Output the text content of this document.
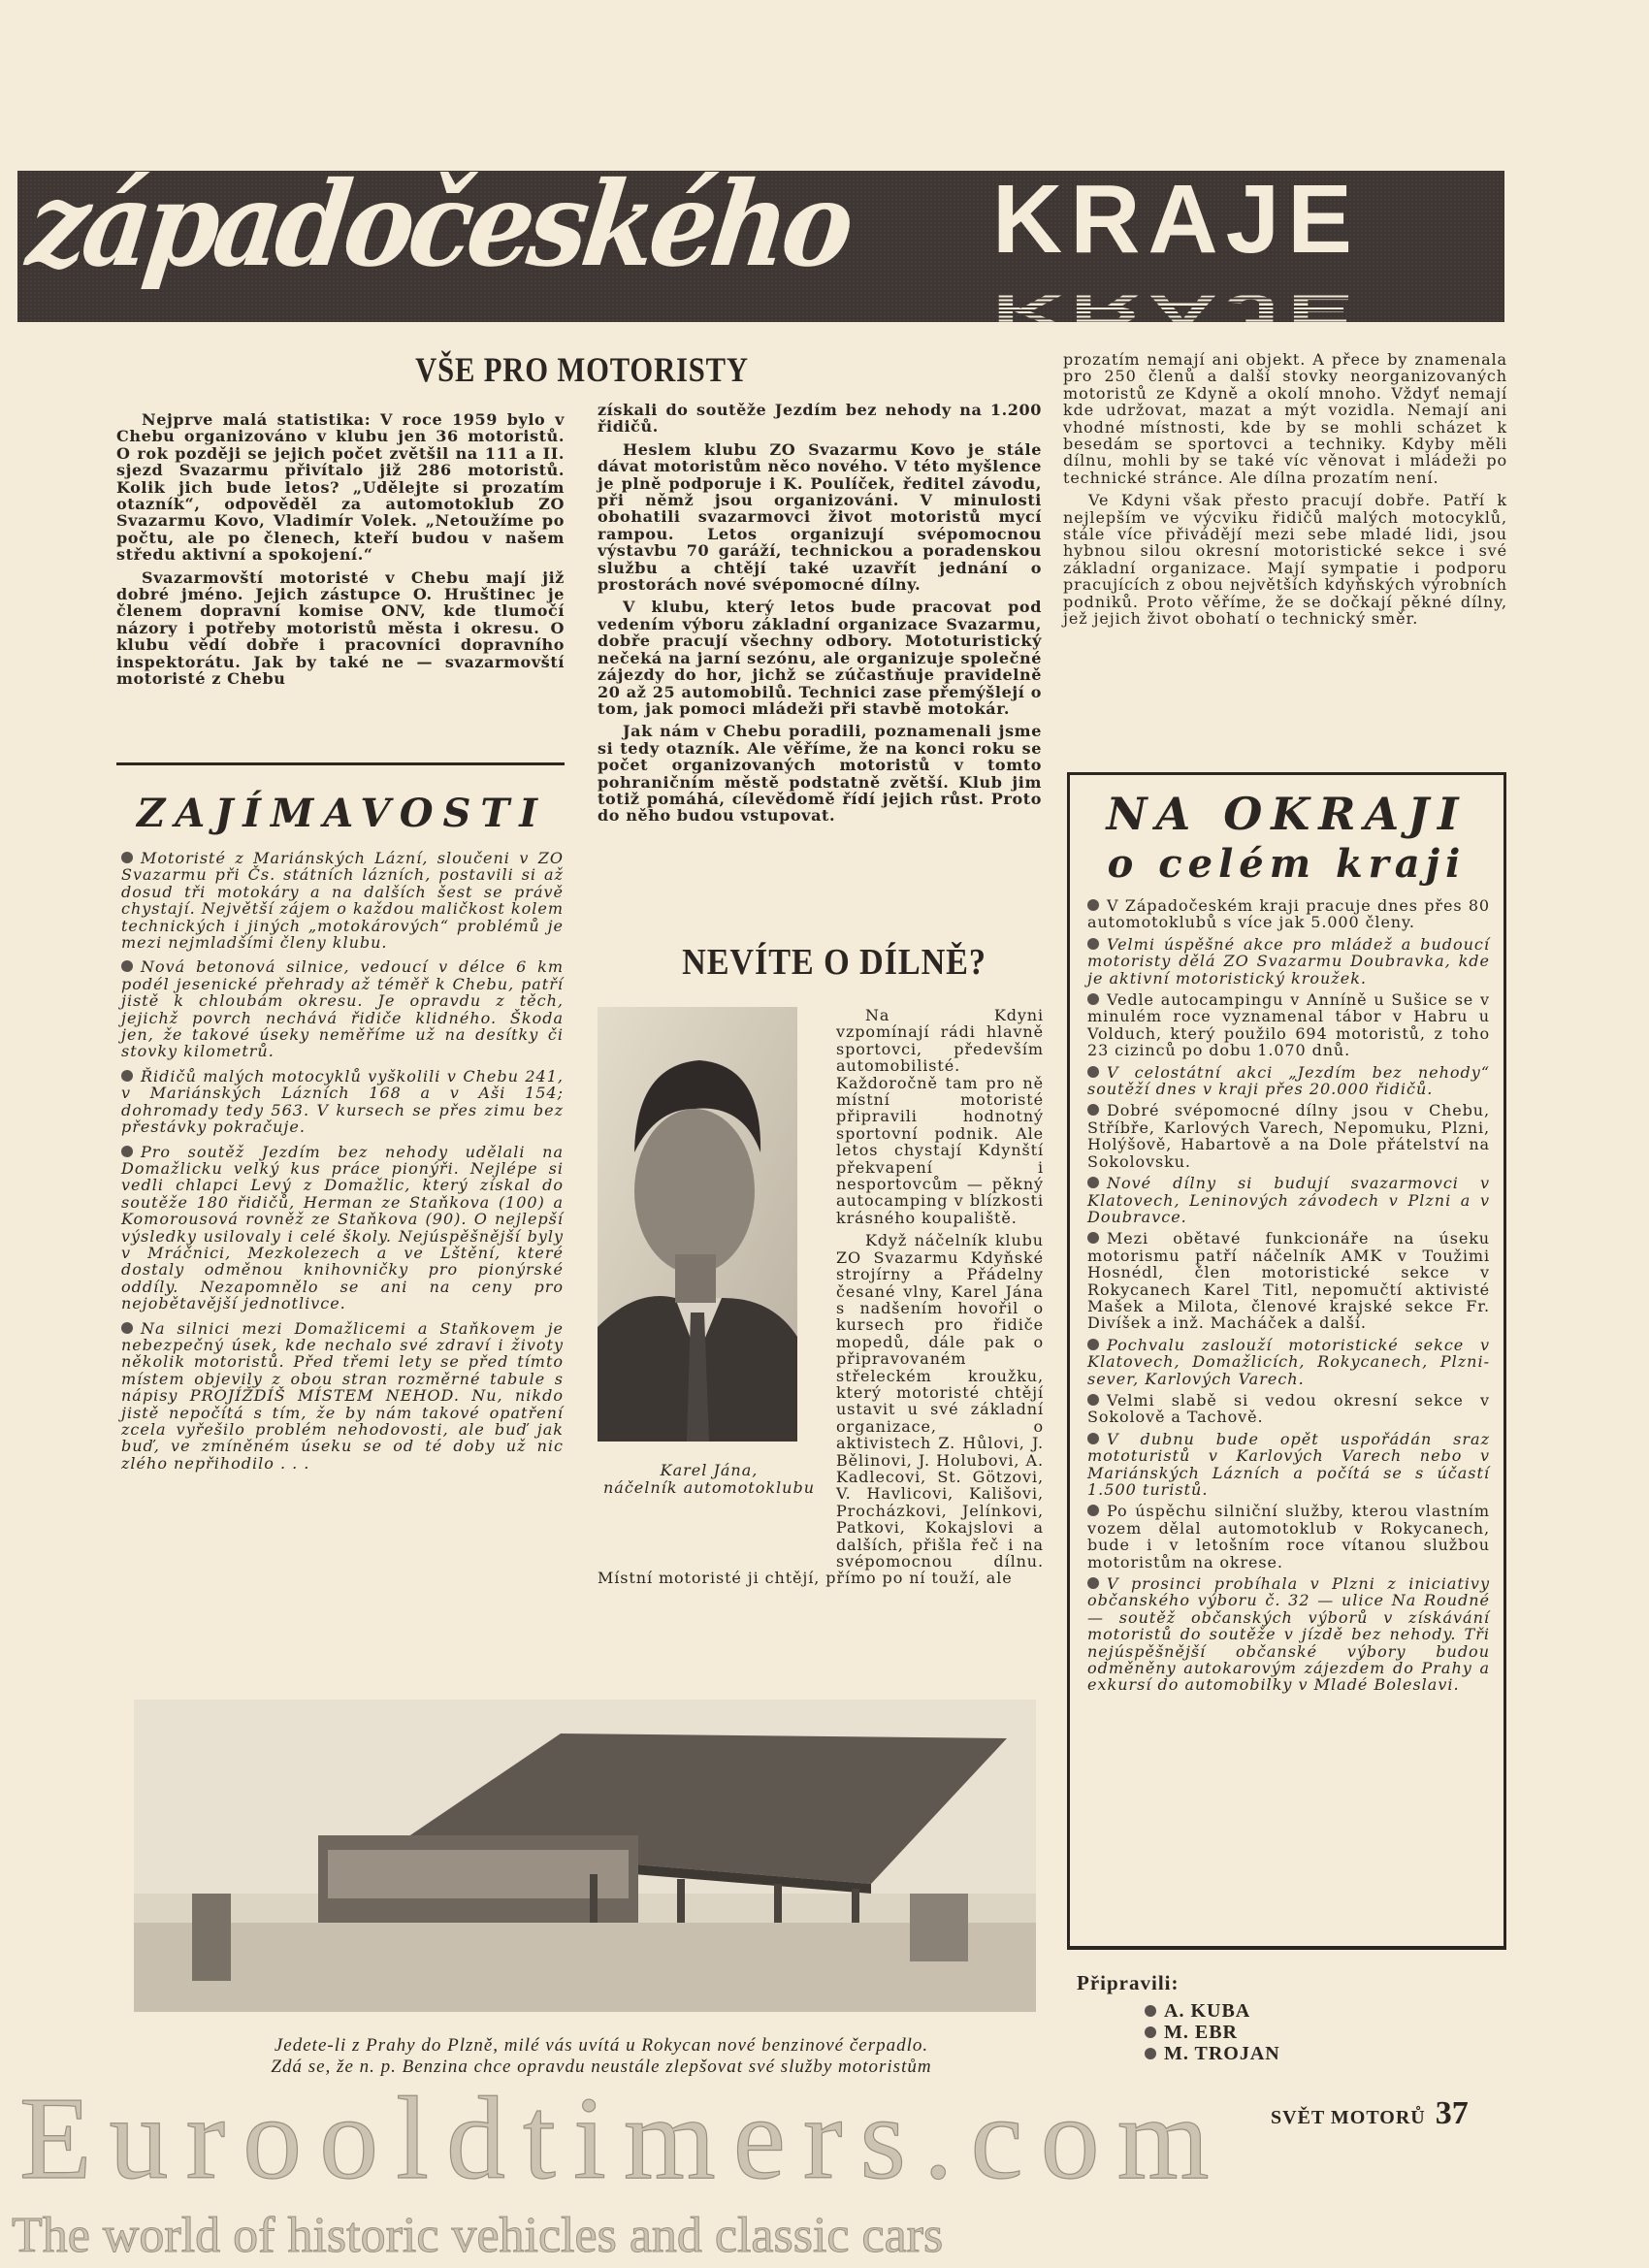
západočeského KRAJE
KRAJE
VŠE PRO MOTORISTY

Nejprve malá statistika: V roce 1959 bylo v Chebu organizováno v klubu jen 36 motoristů. O rok později se jejich počet zvětšil na 111 a II. sjezd Svazarmu přivítalo již 286 motoristů. Kolik jich bude letos? „Udělejte si prozatím otazník“, odpověděl za automotoklub ZO Svazarmu Kovo, Vladimír Volek. „Netoužíme po počtu, ale po členech, kteří budou v našem středu aktivní a spokojení.“

Svazarmovští motoristé v Chebu mají již dobré jméno. Jejich zástupce O. Hruštinec je členem dopravní komise ONV, kde tlumočí názory i potřeby motoristů města i okresu. O klubu vědí dobře i pracovníci dopravního inspektorátu. Jak by také ne — svazarmovští motoristé z Chebu

získali do soutěže Jezdím bez nehody na 1.200 řidičů.

Heslem klubu ZO Svazarmu Kovo je stále dávat motoristům něco nového. V této myšlence je plně podporuje i K. Poulíček, ředitel závodu, při němž jsou organizováni. V minulosti obohatili svazarmovci život motoristů mycí rampou. Letos organizují svépomocnou výstavbu 70 garáží, technickou a poradenskou službu a chtějí také uzavřít jednání o prostorách nové svépomocné dílny.

V klubu, který letos bude pracovat pod vedením výboru základní organizace Svazarmu, dobře pracují všechny odbory. Mototuristický nečeká na jarní sezónu, ale organizuje společné zájezdy do hor, jichž se zúčastňuje pravidelně 20 až 25 automobilů. Technici zase přemýšlejí o tom, jak pomoci mládeži při stavbě motokár.

Jak nám v Chebu poradili, poznamenali jsme si tedy otazník. Ale věříme, že na konci roku se počet organizovaných motoristů v tomto pohraničním městě podstatně zvětší. Klub jim totiž pomáhá, cílevědomě řídí jejich růst. Proto do něho budou vstupovat.

prozatím nemají ani objekt. A přece by znamenala pro 250 členů a další stovky neorganizovaných motoristů ze Kdyně a okolí mnoho. Vždyť nemají kde udržovat, mazat a mýt vozidla. Nemají ani vhodné místnosti, kde by se mohli scházet k besedám se sportovci a techniky. Kdyby měli dílnu, mohli by se také víc věnovat i mládeži po technické stránce. Ale dílna prozatím není.

Ve Kdyni však přesto pracují dobře. Patří k nejlepším ve výcviku řidičů malých motocyklů, stále více přivádějí mezi sebe mladé lidi, jsou hybnou silou okresní motoristické sekce i své základní organizace. Mají sympatie i podporu pracujících z obou největších kdyňských výrobních podniků. Proto věříme, že se dočkají pěkné dílny, jež jejich život obohatí o technický směr.

ZAJÍMAVOSTI

Motoristé z Mariánských Lázní, sloučeni v ZO Svazarmu při Čs. státních lázních, postavili si až dosud tři motokáry a na dalších šest se právě chystají. Největší zájem o každou maličkost kolem technických i jiných „motokárových“ problémů je mezi nejmladšími členy klubu.

Nová betonová silnice, vedoucí v délce 6 km podél jesenické přehrady až téměř k Chebu, patří jistě k chloubám okresu. Je opravdu z těch, jejichž povrch nechává řidiče klidného. Škoda jen, že takové úseky neměříme už na desítky či stovky kilometrů.

Řidičů malých motocyklů vyškolili v Chebu 241, v Mariánských Lázních 168 a v Aši 154; dohromady tedy 563. V kursech se přes zimu bez přestávky pokračuje.

Pro soutěž Jezdím bez nehody udělali na Domažlicku velký kus práce pionýři. Nejlépe si vedli chlapci Levý z Domažlic, který získal do soutěže 180 řidičů, Herman ze Staňkova (100) a Komorousová rovněž ze Staňkova (90). O nejlepší výsledky usilovaly i celé školy. Nejúspěšnější byly v Mráčnici, Mezkolezech a ve Lštění, které dostaly odměnou knihovničky pro pionýrské oddíly. Nezapomnělo se ani na ceny pro nejobětavější jednotlivce.

Na silnici mezi Domažlicemi a Staňkovem je nebezpečný úsek, kde nechalo své zdraví i životy několik motoristů. Před třemi lety se před tímto místem objevily z obou stran rozměrné tabule s nápisy PROJÍŽDÍŠ MÍSTEM NEHOD. Nu, nikdo jistě nepočítá s tím, že by nám takové opatření zcela vyřešilo problém nehodovosti, ale buď jak buď, ve zmíněném úseku se od té doby už nic zlého nepřihodilo . . .

NEVÍTE O DÍLNĚ?
Karel Jána,
náčelník automotoklubu

Na Kdyni vzpomínají rádi hlavně sportovci, především automobilisté. Každoročně tam pro ně místní motoristé připravili hodnotný sportovní podnik. Ale letos chystají Kdynští překvapení i nesportovcům — pěkný autocamping v blízkosti krásného koupaliště.

Když náčelník klubu ZO Svazarmu Kdyňské strojírny a Přádelny česané vlny, Karel Jána s nadšením hovořil o kursech pro řidiče mopedů, dále pak o připravovaném střeleckém kroužku, který motoristé chtějí ustavit u své základní organizace, o aktivistech Z. Hůlovi, J. Bělinovi, J. Holubovi, A. Kadlecovi, St. Götzovi, V. Havlicovi, Kališovi, Procházkovi, Jelínkovi, Patkovi, Kokajslovi a dalších, přišla řeč i na svépomocnou dílnu. Místní motoristé ji chtějí, přímo po ní touží, ale

Jedete-li z Prahy do Plzně, milé vás uvítá u Rokycan nové benzinové čerpadlo.
Zdá se, že n. p. Benzina chce opravdu neustále zlepšovat své služby motoristům
NA OKRAJI
o celém kraji

V Západočeském kraji pracuje dnes přes 80 automotoklubů s více jak 5.000 členy.

Velmi úspěšné akce pro mládež a budoucí motoristy dělá ZO Svazarmu Doubravka, kde je aktivní motoristický kroužek.

Vedle autocampingu v Anníně u Sušice se v minulém roce vyznamenal tábor v Habru u Volduch, který použilo 694 motoristů, z toho 23 cizinců po dobu 1.070 dnů.

V celostátní akci „Jezdím bez nehody“ soutěží dnes v kraji přes 20.000 řidičů.

Dobré svépomocné dílny jsou v Chebu, Stříbře, Karlových Varech, Nepomuku, Plzni, Holýšově, Habartově a na Dole přátelství na Sokolovsku.

Nové dílny si budují svazarmovci v Klatovech, Leninových závodech v Plzni a v Doubravce.

Mezi obětavé funkcionáře na úseku motorismu patří náčelník AMK v Toužimi Hosnédl, člen motoristické sekce v Rokycanech Karel Titl, nepomučtí aktivisté Mašek a Milota, členové krajské sekce Fr. Divíšek a inž. Macháček a další.

Pochvalu zaslouží motoristické sekce v Klatovech, Domažlicích, Rokycanech, Plzni-sever, Karlových Varech.

Velmi slabě si vedou okresní sekce v Sokolově a Tachově.

V dubnu bude opět uspořádán sraz mototuristů v Karlových Varech nebo v Mariánských Lázních a počítá se s účastí 1.500 turistů.

Po úspěchu silniční služby, kterou vlastním vozem dělal automotoklub v Rokycanech, bude i v letošním roce vítanou službou motoristům na okrese.

V prosinci probíhala v Plzni z iniciativy občanského výboru č. 32 — ulice Na Roudné — soutěž občanských výborů v získávání motoristů do soutěže v jízdě bez nehody. Tři nejúspěšnější občanské výbory budou odměněny autokarovým zájezdem do Prahy a exkursí do automobilky v Mladé Boleslavi.

Připravili:
A. KUBA
M. EBR
M. TROJAN
Eurooldtimers.com
The world of historic vehicles and classic cars
SVĚT MOTORŮ 37
